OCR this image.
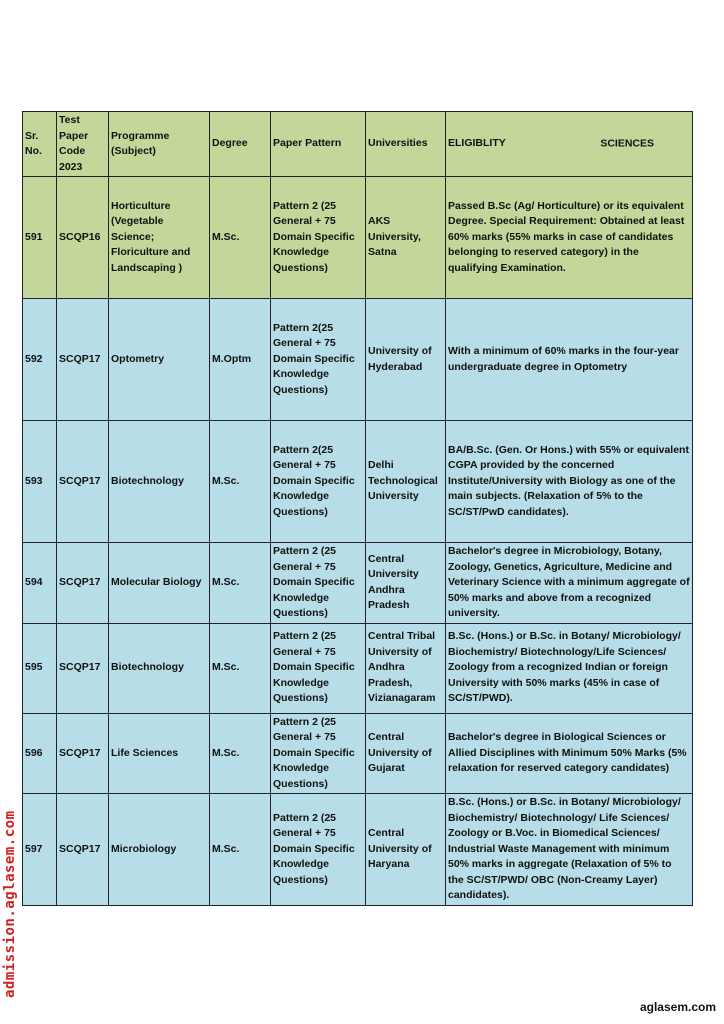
Sr. No.	Test Paper Code 2023	Programme (Subject)	Degree	Paper Pattern	Universities	ELIGIBLITY SCIENCES

591	SCQP16	Horticulture (Vegetable Science; Floriculture and Landscaping )	M.Sc.	Pattern 2 (25 General + 75 Domain Specific Knowledge Questions)	AKS University, Satna	Passed B.Sc (Ag/ Horticulture) or its equivalent Degree. Special Requirement: Obtained at least 60% marks (55% marks in case of candidates belonging to reserved category) in the qualifying Examination.
592	SCQP17	Optometry	M.Optm	Pattern 2(25 General + 75 Domain Specific Knowledge Questions)	University of Hyderabad	With a minimum of 60% marks in the four-year undergraduate degree in Optometry
593	SCQP17	Biotechnology	M.Sc.	Pattern 2(25 General + 75 Domain Specific Knowledge Questions)	Delhi Technological University	BA/B.Sc. (Gen. Or Hons.) with 55% or equivalent CGPA provided by the concerned Institute/University with Biology as one of the main subjects. (Relaxation of 5% to the SC/ST/PwD candidates).
594	SCQP17	Molecular Biology	M.Sc.	Pattern 2 (25 General + 75 Domain Specific Knowledge Questions)	Central University Andhra Pradesh	Bachelor's degree in Microbiology, Botany, Zoology, Genetics, Agriculture, Medicine and Veterinary Science with a minimum aggregate of 50% marks and above from a recognized university.
595	SCQP17	Biotechnology	M.Sc.	Pattern 2 (25 General + 75 Domain Specific Knowledge Questions)	Central Tribal University of Andhra Pradesh, Vizianagaram	B.Sc. (Hons.) or B.Sc. in Botany/ Microbiology/ Biochemistry/ Biotechnology/Life Sciences/ Zoology from a recognized Indian or foreign University with 50% marks (45% in case of SC/ST/PWD).
596	SCQP17	Life Sciences	M.Sc.	Pattern 2 (25 General + 75 Domain Specific Knowledge Questions)	Central University of Gujarat	Bachelor's degree in Biological Sciences or Allied Disciplines with Minimum 50% Marks (5% relaxation for reserved category candidates)
597	SCQP17	Microbiology	M.Sc.	Pattern 2 (25 General + 75 Domain Specific Knowledge Questions)	Central University of Haryana	B.Sc. (Hons.) or B.Sc. in Botany/ Microbiology/ Biochemistry/ Biotechnology/ Life Sciences/ Zoology or B.Voc. in Biomedical Sciences/ Industrial Waste Management with minimum 50% marks in aggregate (Relaxation of 5% to the SC/ST/PWD/ OBC (Non-Creamy Layer) candidates).
admission.aglasem.com
aglasem.com
